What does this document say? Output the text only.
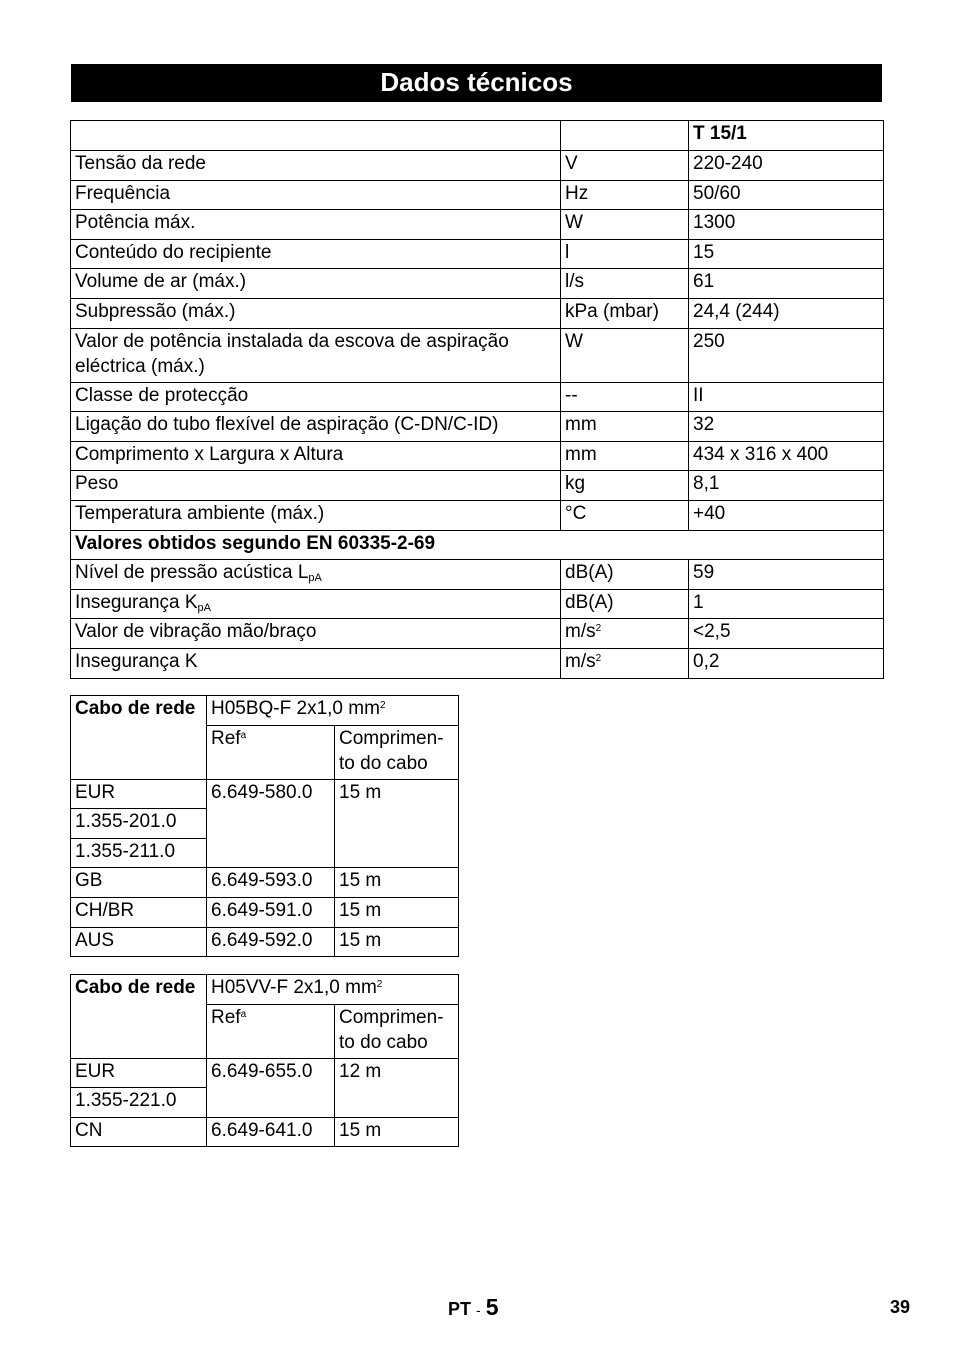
Dados técnicos
		T 15/1
Tensão da rede	V	220-240
Frequência	Hz	50/60
Potência máx.	W	1300
Conteúdo do recipiente	l	15
Volume de ar (máx.)	l/s	61
Subpressão (máx.)	kPa (mbar)	24,4 (244)
Valor de potência instalada da escova de aspiração eléctrica (máx.)	W	250
Classe de protecção	--	II
Ligação do tubo flexível de aspiração (C-DN/C-ID)	mm	32
Comprimento x Largura x Altura	mm	434 x 316 x 400
Peso	kg	8,1
Temperatura ambiente (máx.)	°C	+40
Valores obtidos segundo EN 60335-2-69		
Nível de pressão acústica $L_{pA}$	dB(A)	59
Insegurança $K_{pA}$	dB(A)	1
Valor de vibração mão/braço	$m/s^2$	<2,5
Insegurança K	$m/s^2$	0,2
Cabo de rede	H05BQ-F 2x1,0 $mm^2$
	Ref$^a$	Comprimen-to do cabo
EUR	6.649-580.0	15 m
1.355-201.0		
1.355-211.0		
GB	6.649-593.0	15 m
CH/BR	6.649-591.0	15 m
AUS	6.649-592.0	15 m
Cabo de rede	H05VV-F 2x1,0 $mm^2$
	Ref$^a$	Comprimen-to do cabo
EUR	6.649-655.0	12 m
1.355-221.0		
CN	6.649-641.0	15 m
PT - 5	39
